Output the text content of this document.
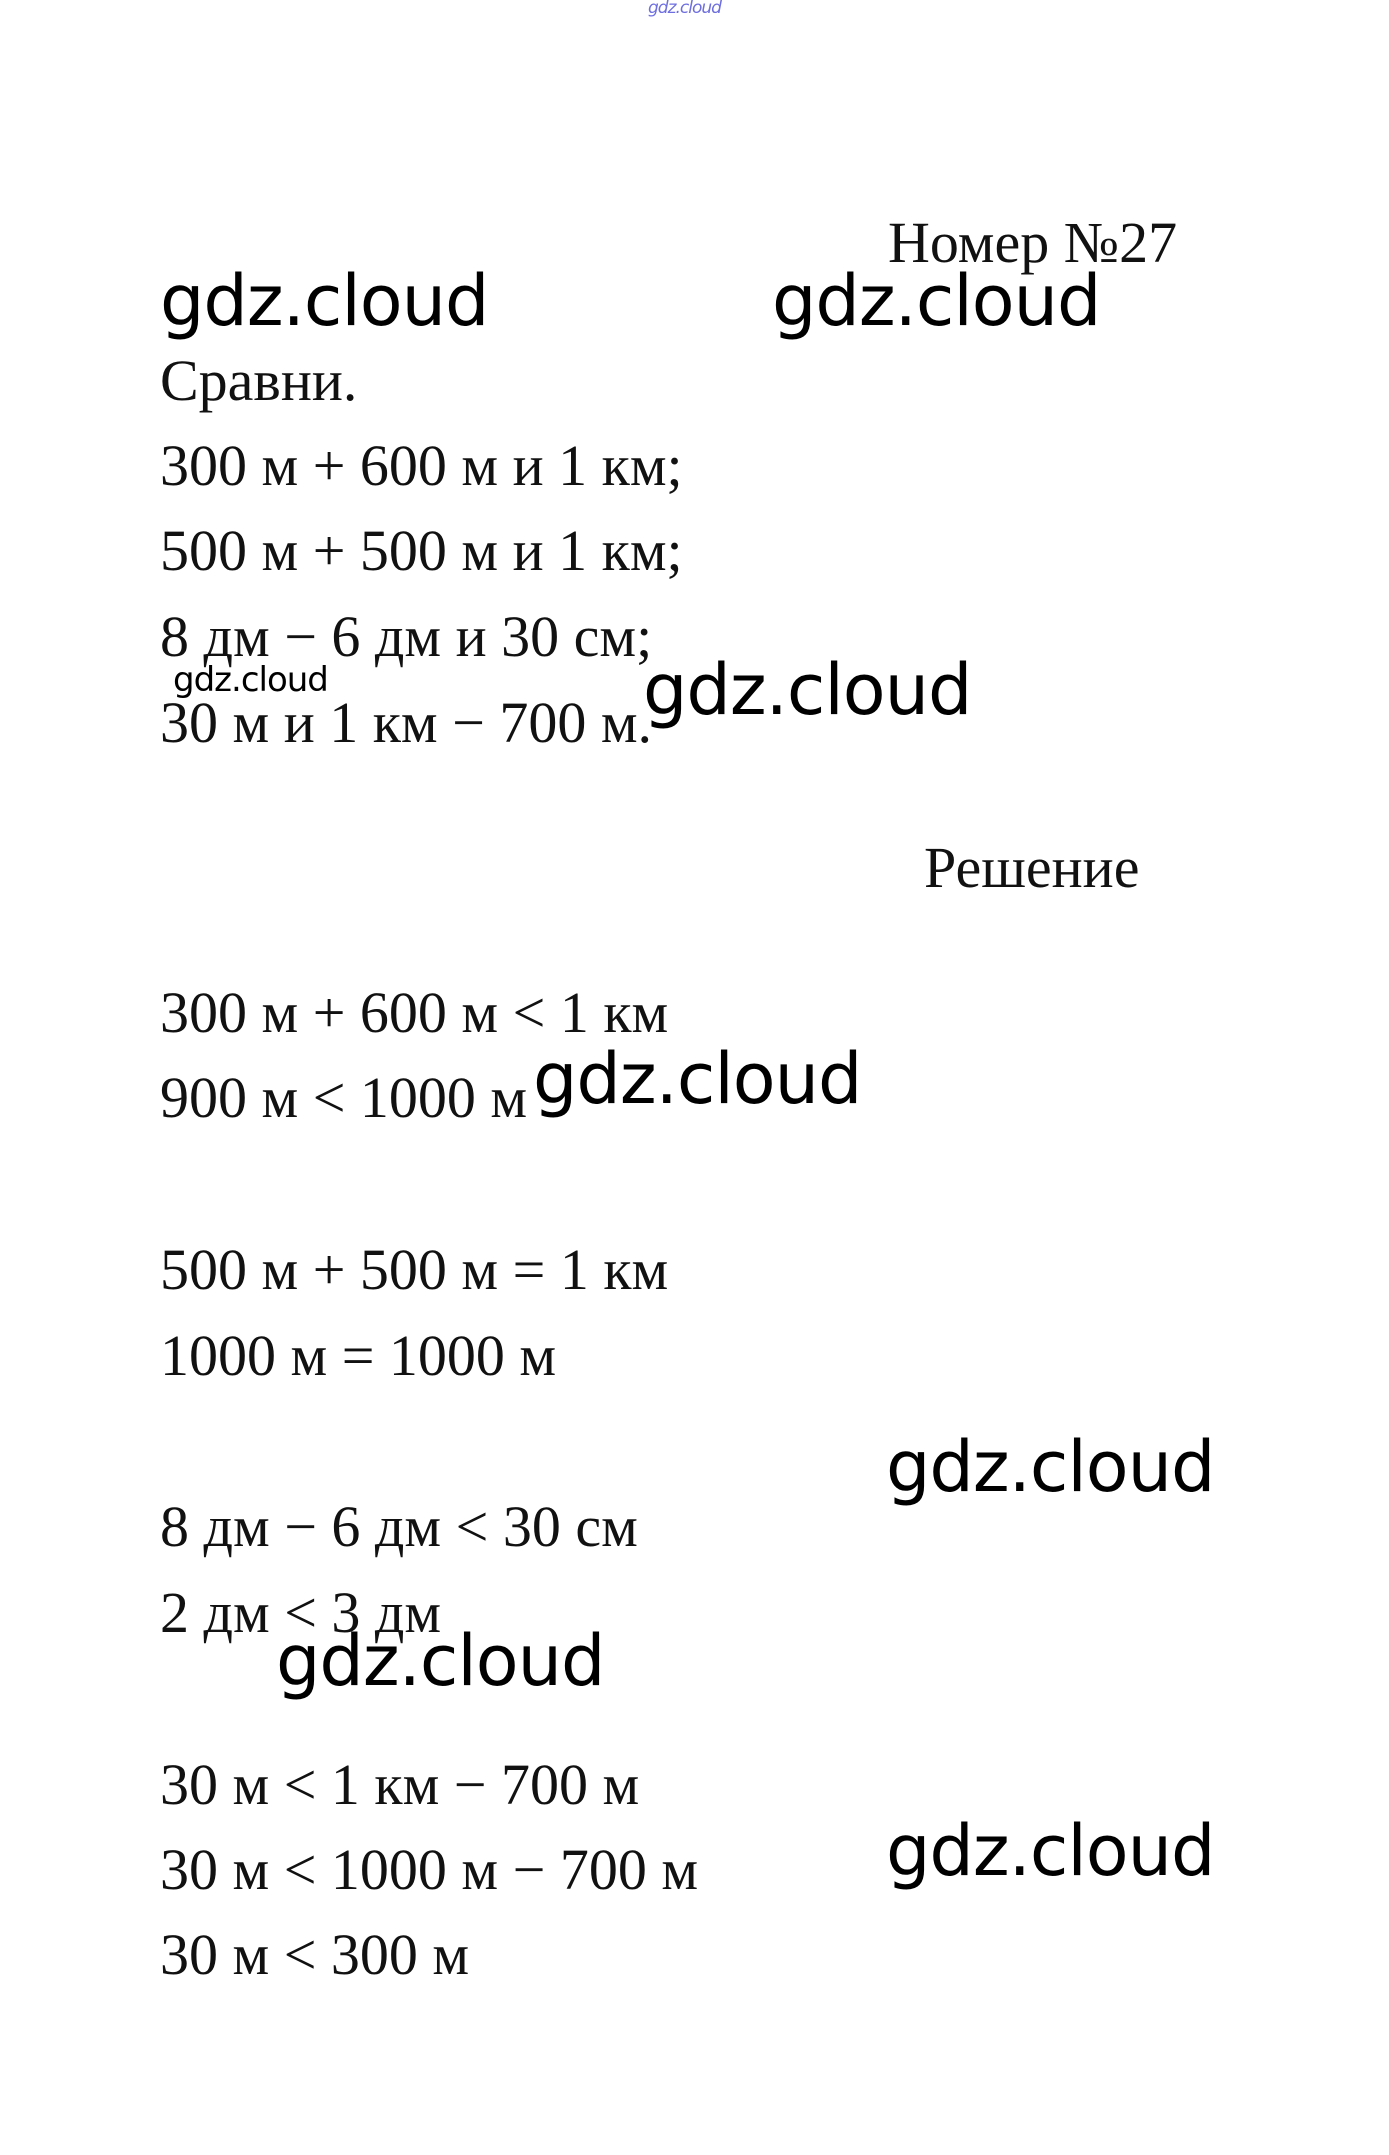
gdz.cloud
Номер №27
gdz.cloud	gdz.cloud
Сравни.
300 м + 600 м и 1 км;
500 м + 500 м и 1 км;
8 дм − 6 дм и 30 см;
gdz.cloud
30 м и 1 км − 700 м.
gdz.cloud
Решение
300 м + 600 м < 1 км
900 м < 1000 м gdz.cloud
500 м + 500 м = 1 км
1000 м = 1000 м
gdz.cloud
8 дм − 6 дм < 30 см
2 дм < 3 дм
gdz.cloud
30 м < 1 км − 700 м
30 м < 1000 м − 700 м	gdz.cloud
30 м < 300 м
